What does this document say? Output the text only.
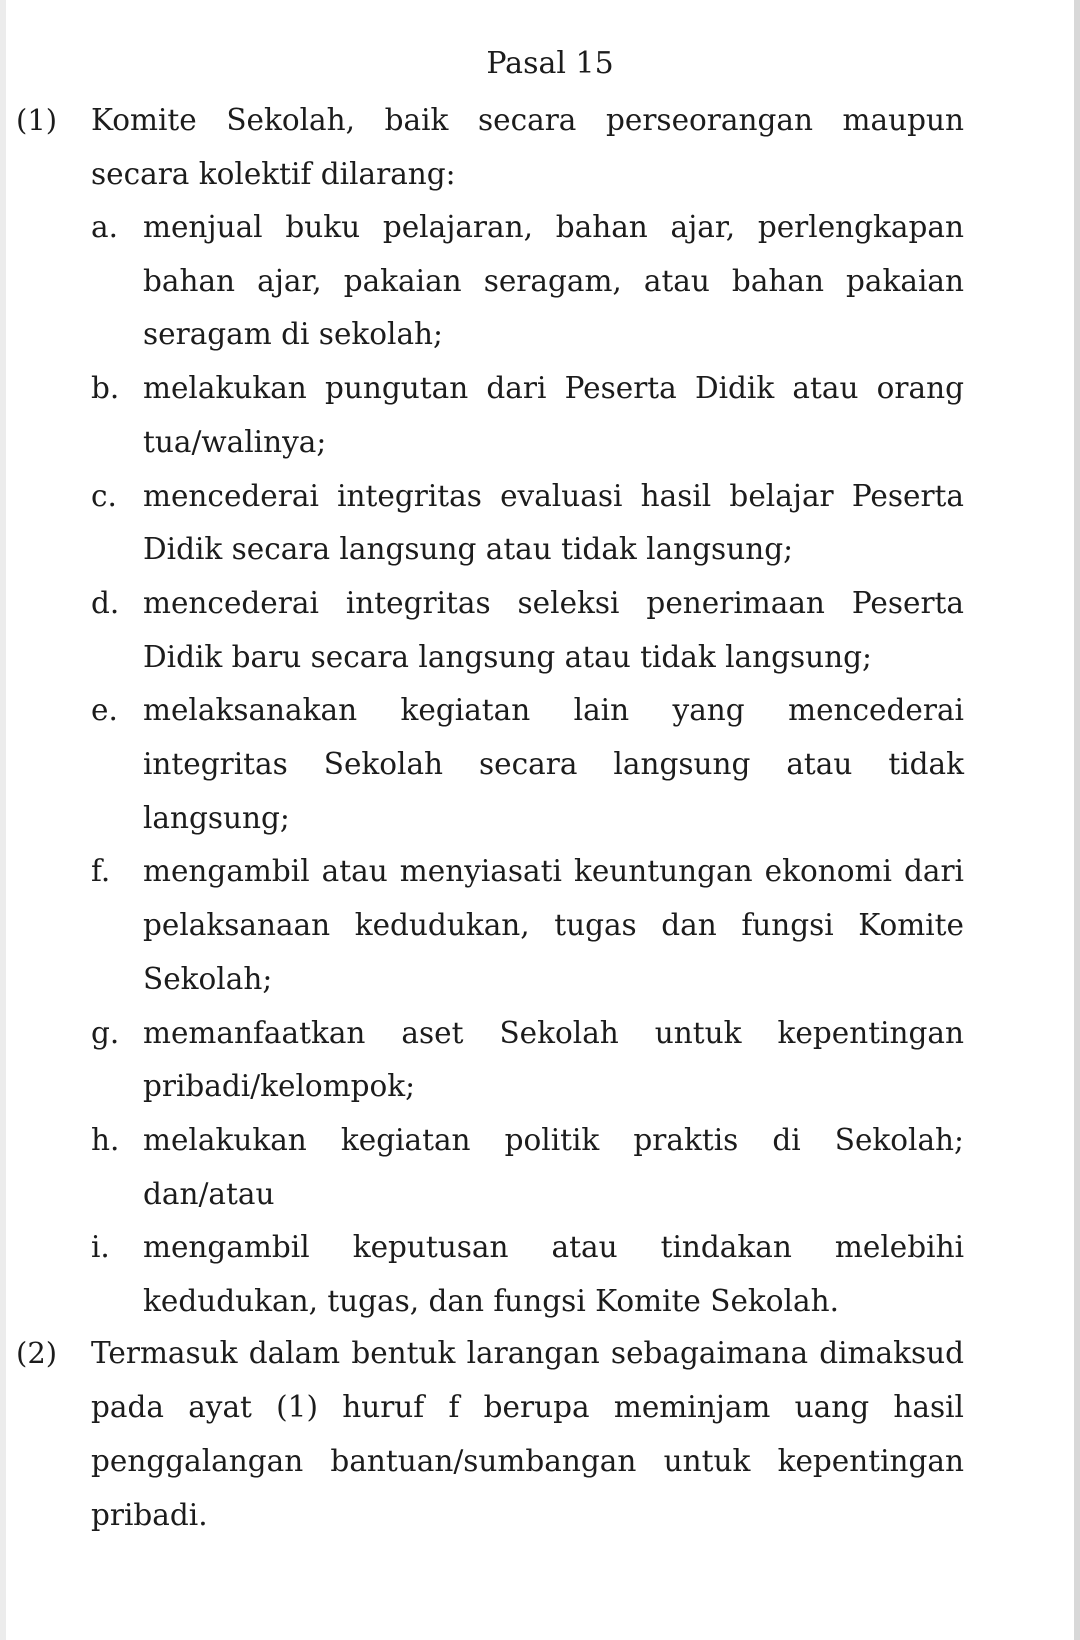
Pasal 15
(1) Komite Sekolah, baik secara perseorangan maupun secara kolektif dilarang:
a. menjual buku pelajaran, bahan ajar, perlengkapan bahan ajar, pakaian seragam, atau bahan pakaian seragam di sekolah;
b. melakukan pungutan dari Peserta Didik atau orang tua/walinya;
c. mencederai integritas evaluasi hasil belajar Peserta Didik secara langsung atau tidak langsung;
d. mencederai integritas seleksi penerimaan Peserta Didik baru secara langsung atau tidak langsung;
e. melaksanakan kegiatan lain yang mencederai integritas Sekolah secara langsung atau tidak langsung;
f. mengambil atau menyiasati keuntungan ekonomi dari pelaksanaan kedudukan, tugas dan fungsi Komite Sekolah;
g. memanfaatkan aset Sekolah untuk kepentingan pribadi/kelompok;
h. melakukan kegiatan politik praktis di Sekolah; dan/atau
i. mengambil keputusan atau tindakan melebihi kedudukan, tugas, dan fungsi Komite Sekolah.
(2) Termasuk dalam bentuk larangan sebagaimana dimaksud pada ayat (1) huruf f berupa meminjam uang hasil penggalangan bantuan/sumbangan untuk kepentingan pribadi.
